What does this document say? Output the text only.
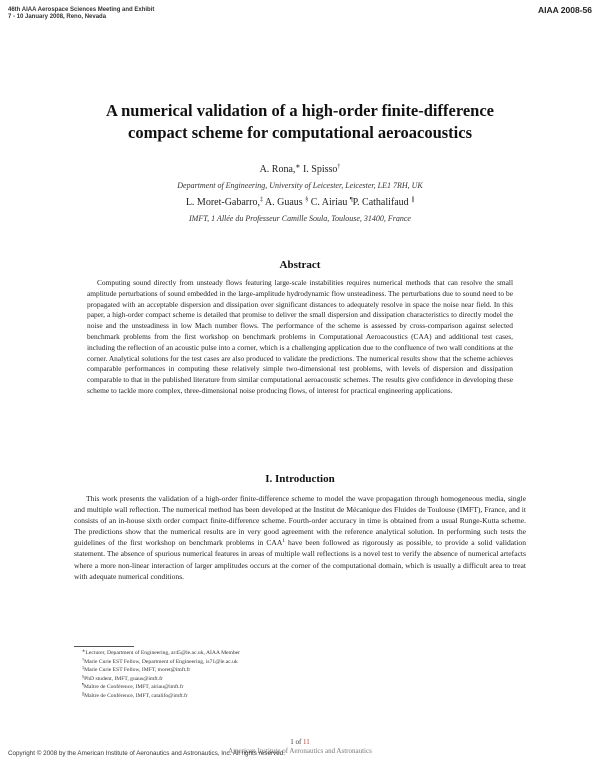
46th AIAA Aerospace Sciences Meeting and Exhibit
7 - 10 January 2008, Reno, Nevada
AIAA 2008-56
A numerical validation of a high-order finite-difference
compact scheme for computational aeroacoustics
A. Rona,∗ I. Spisso†
Department of Engineering, University of Leicester, Leicester, LE1 7RH, UK
L. Moret-Gabarro,‡ A. Guaus § C. Airiau ¶P. Cathalifaud ∥
IMFT, 1 Allée du Professeur Camille Soula, Toulouse, 31400, France
Abstract

Computing sound directly from unsteady flows featuring large-scale instabilities requires numerical methods that can resolve the small amplitude perturbations of sound embedded in the large-amplitude hydrodynamic flow unsteadiness. The perturbations due to sound need to be propagated with an acceptable dispersion and dissipation over significant distances to adequately resolve in space the noise near field. In this paper, a high-order compact scheme is detailed that promise to deliver the small dispersion and dissipation characteristics to directly model the noise and the unsteadiness in low Mach number flows. The performance of the scheme is assessed by cross-comparison against selected benchmark problems from the first workshop on benchmark problems in Computational Aeroacoustics (CAA) and additional test cases, including the reflection of an acoustic pulse into a corner, which is a challenging application due to the confluence of two wall conditions at the corner. Analytical solutions for the test cases are also produced to validate the predictions. The numerical results show that the scheme achieves comparable performances in computing these relatively simple two-dimensional test problems, with levels of dispersion and dissipation comparable to that in the published literature from similar computational aeroacoustic schemes. The results give confidence in developing these scheme to tackle more complex, three-dimensional noise producing flows, of interest for practical engineering applications.

I. Introduction

This work presents the validation of a high-order finite-difference scheme to model the wave propagation through homogeneous media, single and multiple wall reflection. The numerical method has been developed at the Institut de Mécanique des Fluides de Toulouse (IMFT), France, and it consists of an in-house sixth order compact finite-difference scheme. Fourth-order accuracy in time is obtained from a usual Runge-Kutta scheme. The predictions show that the numerical results are in very good agreement with the reference analytical solution. In performing such tests the guidelines of the first workshop on benchmark problems in CAA$^1$ have been followed as rigorously as possible, to provide a solid validation statement. The absence of spurious numerical features in areas of multiple wall reflections is a novel test to verify the absence of numerical artefacts where a more non-linear interaction of larger amplitudes occurs at the corner of the computational domain, which is usually a difficult area to treat with adequate numerical conditions.

∗Lecturer, Department of Engineering, ar45@le.ac.uk, AIAA Member
†Marie Curie EST Fellow, Department of Engineering, is71@le.ac.uk
‡Marie Curie EST Fellow, IMFT, moret@imft.fr
§PhD student, IMFT, guaus@imft.fr
¶Maître de Conférence, IMFT, airiau@imft.fr
∥Maître de Conférence, IMFT, catalifo@imft.fr
1 of 11
American Institute of Aeronautics and Astronautics
Copyright © 2008 by the American Institute of Aeronautics and Astronautics, Inc. All rights reserved.
